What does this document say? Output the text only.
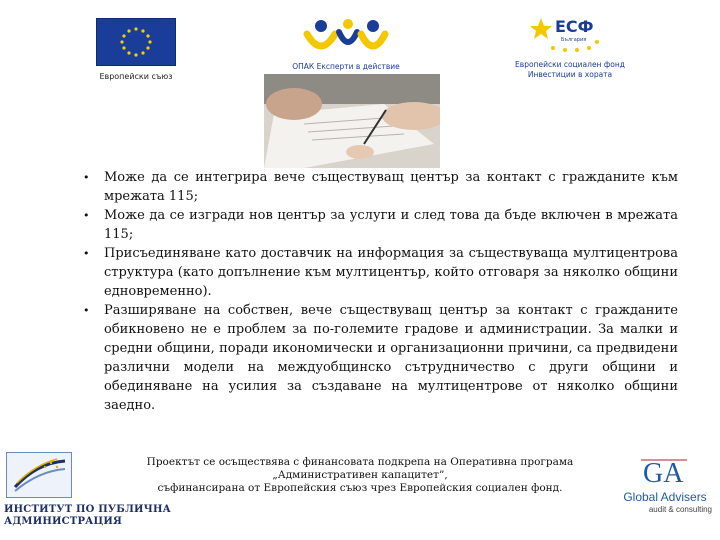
Европейски съюз
ОПАК Експерти в действие
ЕСФ
България
Европейски социален фонд
Инвестиции в хората
• Може да се интегрира вече съществуващ център за контакт с гражданите към мрежата 115;
• Може да се изгради нов център за услуги и след това да бъде включен в мрежата 115;
• Присъединяване като доставчик на информация за съществуваща мултицентрова структура (като допълнение към мултицентър, който отговаря за няколко общини едновременно).
• Разширяване на собствен, вече съществуващ център за контакт с гражданите обикновено не е проблем за по-големите градове и администрации. За малки и средни общини, поради икономически и организационни причини, са предвидени различни модели на междуобщинско сътрудничество с други общини и обединяване на усилия за създаване на мултицентрове от няколко общини заедно.
ИНСТИТУТ ПО ПУБЛИЧНА
АДМИНИСТРАЦИЯ
Проектът се осъществява с финансовата подкрепа на Оперативна програма
„Административен капацитет”,
съфинансирана от Европейския съюз чрез Европейския социален фонд.	GA
Global Advisers
audit & consulting
